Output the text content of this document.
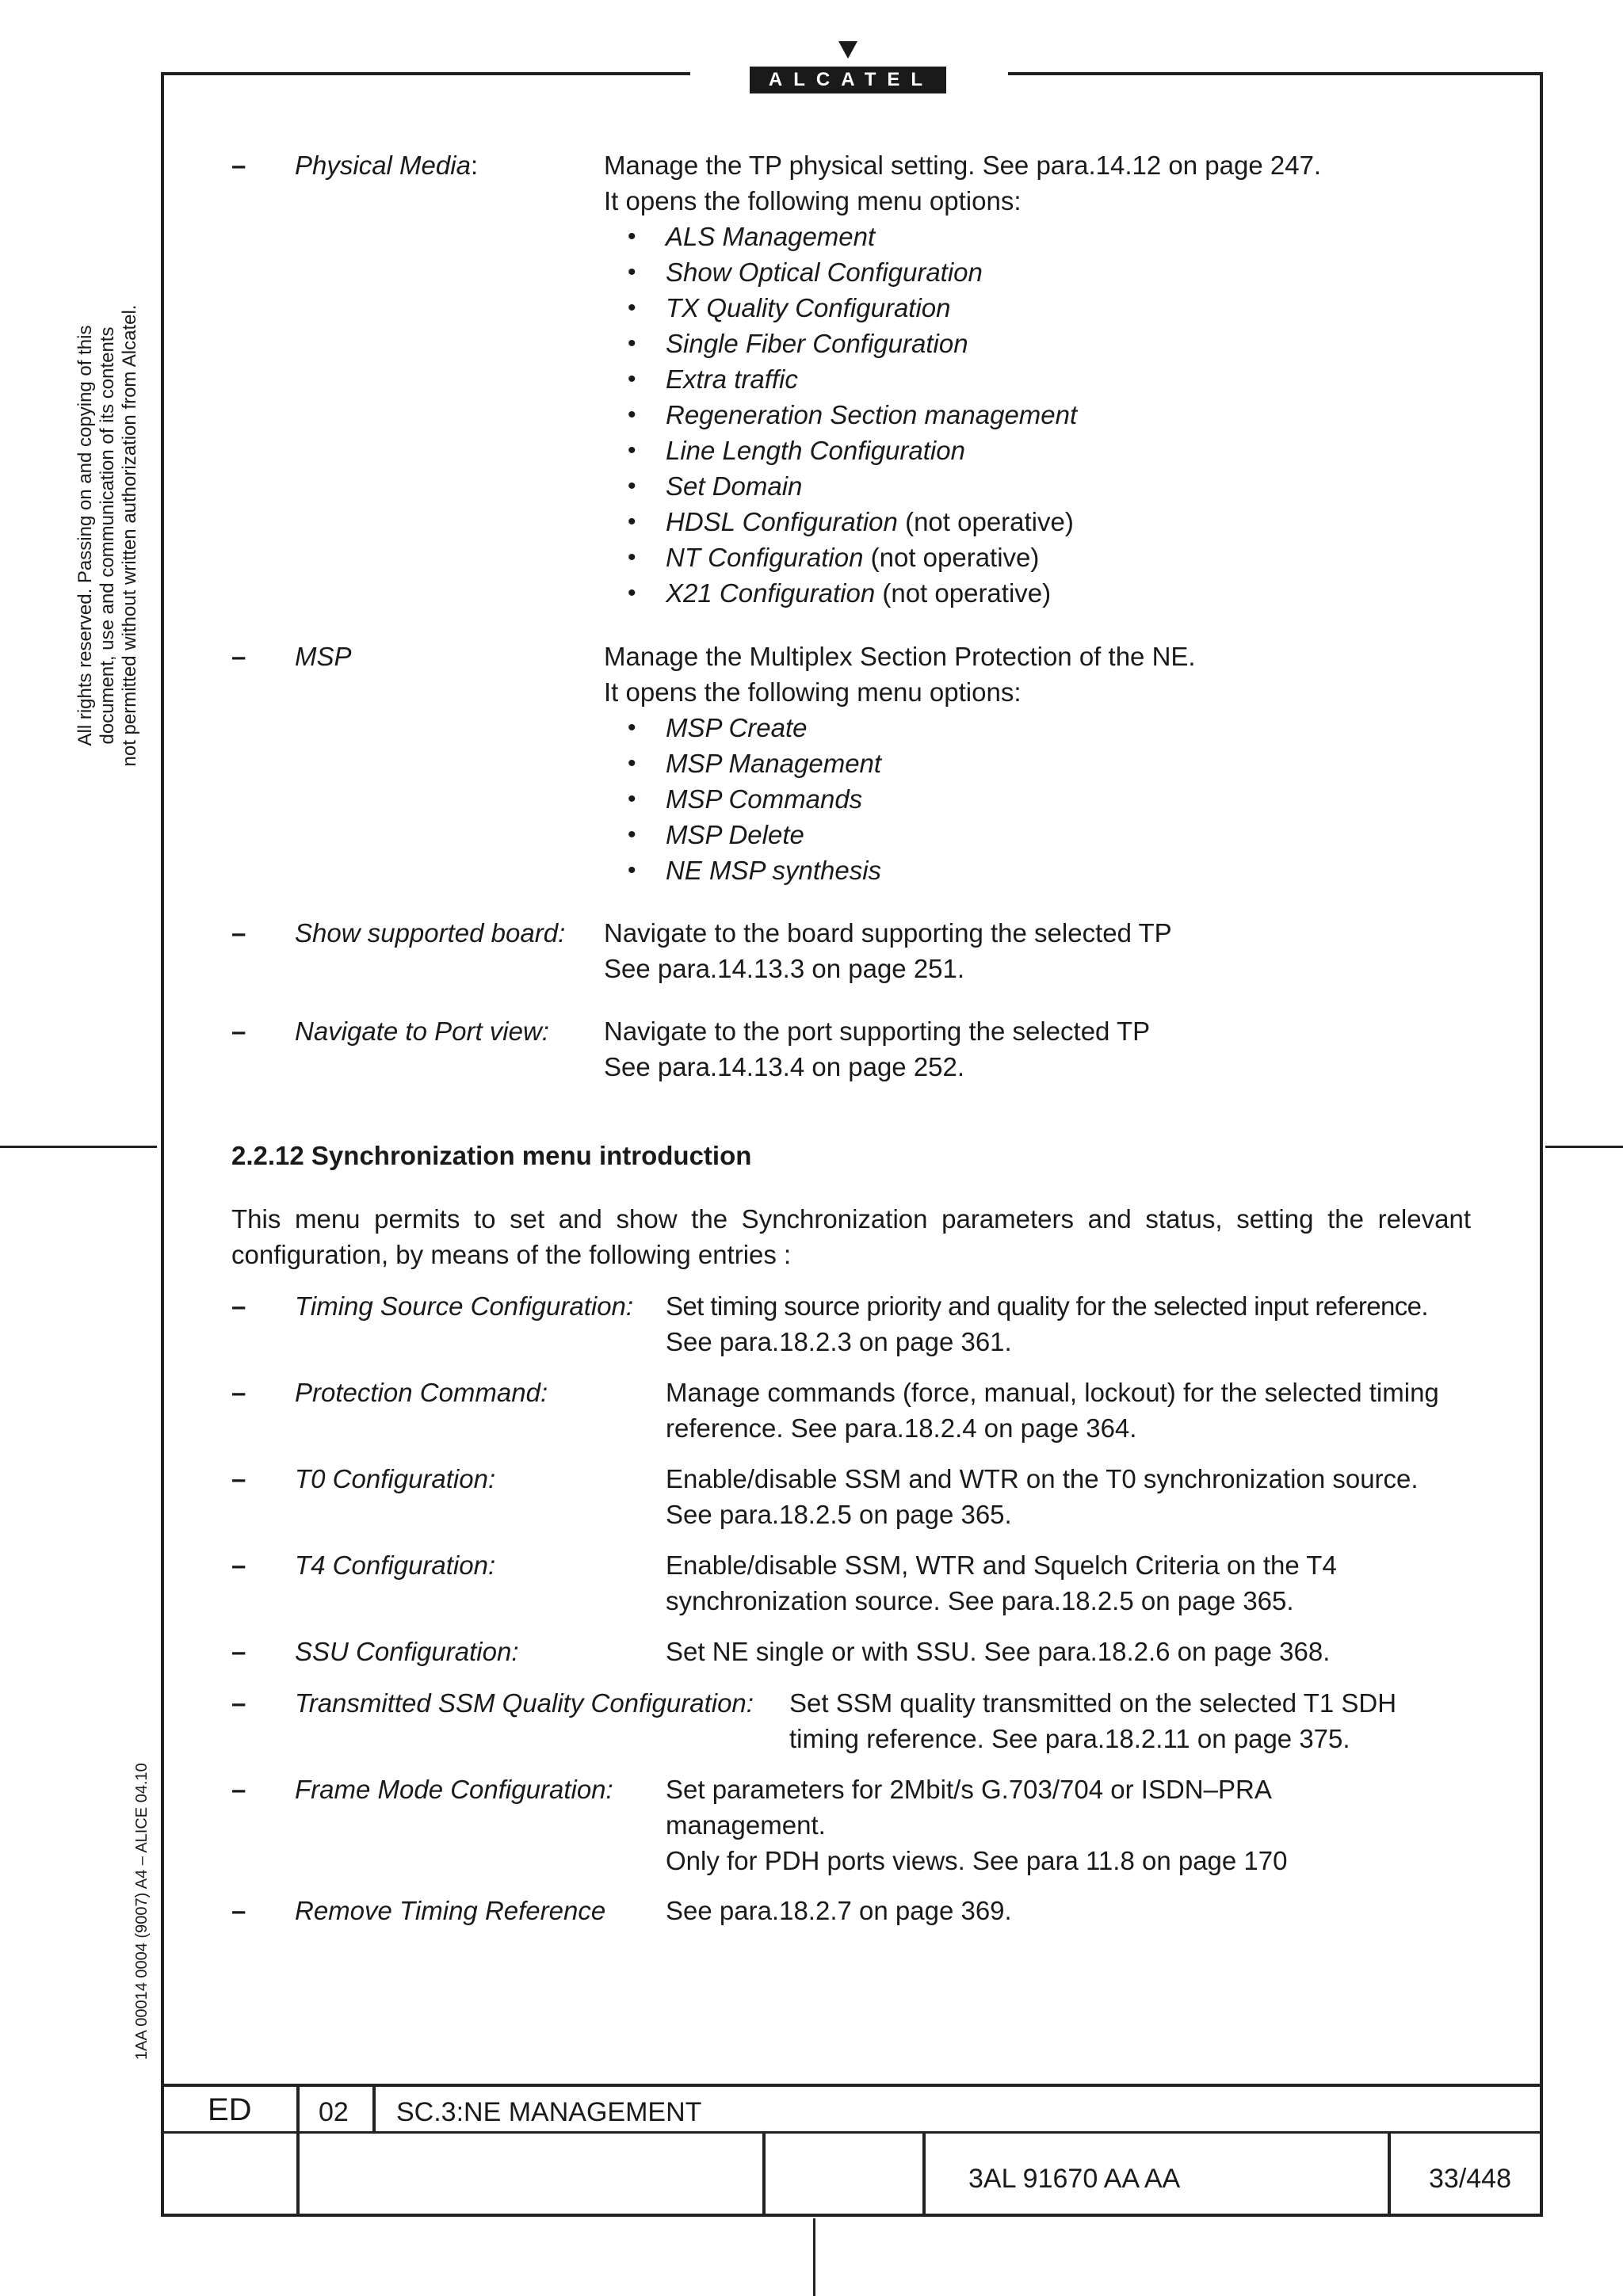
ALCATEL
All rights reserved. Passing on and copying of this document, use and communication of its contents not permitted without written authorization from Alcatel.
1AA 00014 0004 (9007) A4 – ALICE 04.10
– Physical Media:	Manage the TP physical setting. See para.14.12 on page 247.
It opens the following menu options:
• ALS Management
• Show Optical Configuration
• TX Quality Configuration
• Single Fiber Configuration
• Extra traffic
• Regeneration Section management
• Line Length Configuration
• Set Domain
• HDSL Configuration (not operative)
• NT Configuration (not operative)
• X21 Configuration (not operative)
– MSP	Manage the Multiplex Section Protection of the NE.
It opens the following menu options:
• MSP Create
• MSP Management
• MSP Commands
• MSP Delete
• NE MSP synthesis
– Show supported board: Navigate to the board supporting the selected TP
See para.14.13.3 on page 251.
– Navigate to Port view: Navigate to the port supporting the selected TP
See para.14.13.4 on page 252.
2.2.12 Synchronization menu introduction
This menu permits to set and show the Synchronization parameters and status, setting the relevant configuration, by means of the following entries :
– Timing Source Configuration: Set timing source priority and quality for the selected input reference.
See para.18.2.3 on page 361.
– Protection Command:	Manage commands (force, manual, lockout) for the selected timing
reference. See para.18.2.4 on page 364.
– T0 Configuration:	Enable/disable SSM and WTR on the T0 synchronization source.
See para.18.2.5 on page 365.
– T4 Configuration:	Enable/disable SSM, WTR and Squelch Criteria on the T4
synchronization source. See para.18.2.5 on page 365.
– SSU Configuration:	Set NE single or with SSU. See para.18.2.6 on page 368.
– Transmitted SSM Quality Configuration: Set SSM quality transmitted on the selected T1 SDH
timing reference. See para.18.2.11 on page 375.
– Frame Mode Configuration: Set parameters for 2Mbit/s G.703/704 or ISDN–PRA
management.
Only for PDH ports views. See para 11.8 on page 170
– Remove Timing Reference See para.18.2.7 on page 369.
ED 02 SC.3:NE MANAGEMENT
3AL 91670 AA AA	33/448
